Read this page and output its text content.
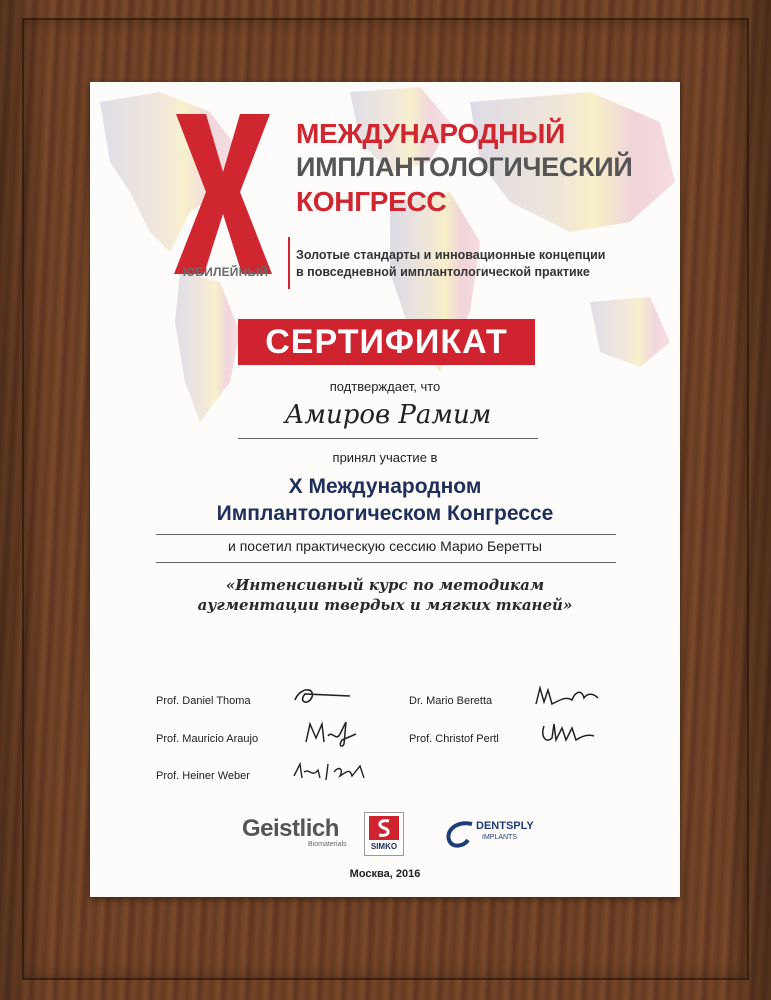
ЮБИЛЕЙНЫЙ
МЕЖДУНАРОДНЫЙ
ИМПЛАНТОЛОГИЧЕСКИЙ
КОНГРЕСС
Золотые стандарты и инновационные концепции
в повседневной имплантологической практике
СЕРТИФИКАТ
подтверждает, что
Амиров Рамим
принял участие в
X Международном
Имплантологическом Конгрессе
и посетил практическую сессию Марио Беретты
«Интенсивный курс по методикам
аугментации твердых и мягких тканей»
Prof. Daniel Thoma	Dr. Mario Beretta
Prof. Mauricio Araujo	Prof. Christof Pertl
Prof. Heiner Weber
Geistlich
Biomaterials	SIMKO
DENTSPLY
IMPLANTS
Москва, 2016
